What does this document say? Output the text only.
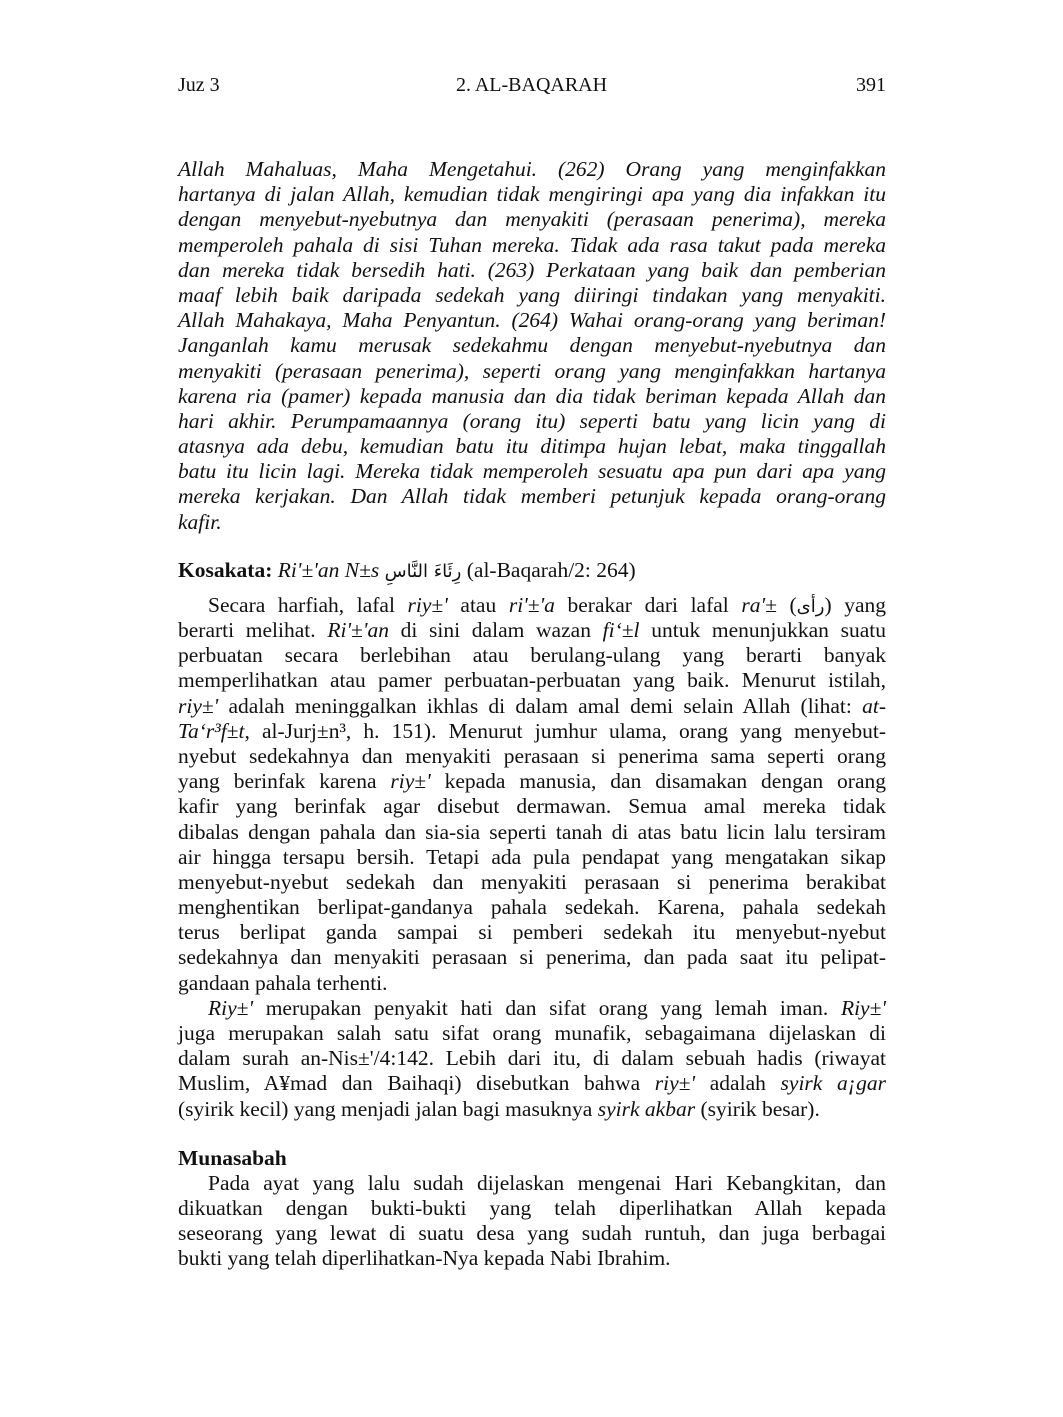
Juz 3	2. AL-BAQARAH	391
Allah Mahaluas, Maha Mengetahui. (262) Orang yang menginfakkan
hartanya di jalan Allah, kemudian tidak mengiringi apa yang dia infakkan itu
dengan menyebut-nyebutnya dan menyakiti (perasaan penerima), mereka
memperoleh pahala di sisi Tuhan mereka. Tidak ada rasa takut pada mereka
dan mereka tidak bersedih hati. (263) Perkataan yang baik dan pemberian
maaf lebih baik daripada sedekah yang diiringi tindakan yang menyakiti.
Allah Mahakaya, Maha Penyantun. (264) Wahai orang-orang yang beriman!
Janganlah kamu merusak sedekahmu dengan menyebut-nyebutnya dan
menyakiti (perasaan penerima), seperti orang yang menginfakkan hartanya
karena ria (pamer) kepada manusia dan dia tidak beriman kepada Allah dan
hari akhir. Perumpamaannya (orang itu) seperti batu yang licin yang di
atasnya ada debu, kemudian batu itu ditimpa hujan lebat, maka tinggallah
batu itu licin lagi. Mereka tidak memperoleh sesuatu apa pun dari apa yang
mereka kerjakan. Dan Allah tidak memberi petunjuk kepada orang-orang
kafir.
Kosakata: Ri'±'an N±s رِئَاءَ النَّاسِ (al-Baqarah/2: 264)
Secara harfiah, lafal riy±' atau ri'±'a berakar dari lafal ra'± (رأى) yang
berarti melihat. Ri'±'an di sini dalam wazan fi‘±l untuk menunjukkan suatu
perbuatan secara berlebihan atau berulang-ulang yang berarti banyak
memperlihatkan atau pamer perbuatan-perbuatan yang baik. Menurut istilah,
riy±' adalah meninggalkan ikhlas di dalam amal demi selain Allah (lihat: at-
Ta‘r³f±t, al-Jurj±n³, h. 151). Menurut jumhur ulama, orang yang menyebut-
nyebut sedekahnya dan menyakiti perasaan si penerima sama seperti orang
yang berinfak karena riy±' kepada manusia, dan disamakan dengan orang
kafir yang berinfak agar disebut dermawan. Semua amal mereka tidak
dibalas dengan pahala dan sia-sia seperti tanah di atas batu licin lalu tersiram
air hingga tersapu bersih. Tetapi ada pula pendapat yang mengatakan sikap
menyebut-nyebut sedekah dan menyakiti perasaan si penerima berakibat
menghentikan berlipat-gandanya pahala sedekah. Karena, pahala sedekah
terus berlipat ganda sampai si pemberi sedekah itu menyebut-nyebut
sedekahnya dan menyakiti perasaan si penerima, dan pada saat itu pelipat-
gandaan pahala terhenti.
Riy±' merupakan penyakit hati dan sifat orang yang lemah iman. Riy±'
juga merupakan salah satu sifat orang munafik, sebagaimana dijelaskan di
dalam surah an-Nis±'/4:142. Lebih dari itu, di dalam sebuah hadis (riwayat
Muslim, A¥mad dan Baihaqi) disebutkan bahwa riy±' adalah syirk a¡gar
(syirik kecil) yang menjadi jalan bagi masuknya syirk akbar (syirik besar).
Munasabah
Pada ayat yang lalu sudah dijelaskan mengenai Hari Kebangkitan, dan
dikuatkan dengan bukti-bukti yang telah diperlihatkan Allah kepada
seseorang yang lewat di suatu desa yang sudah runtuh, dan juga berbagai
bukti yang telah diperlihatkan-Nya kepada Nabi Ibrahim.
